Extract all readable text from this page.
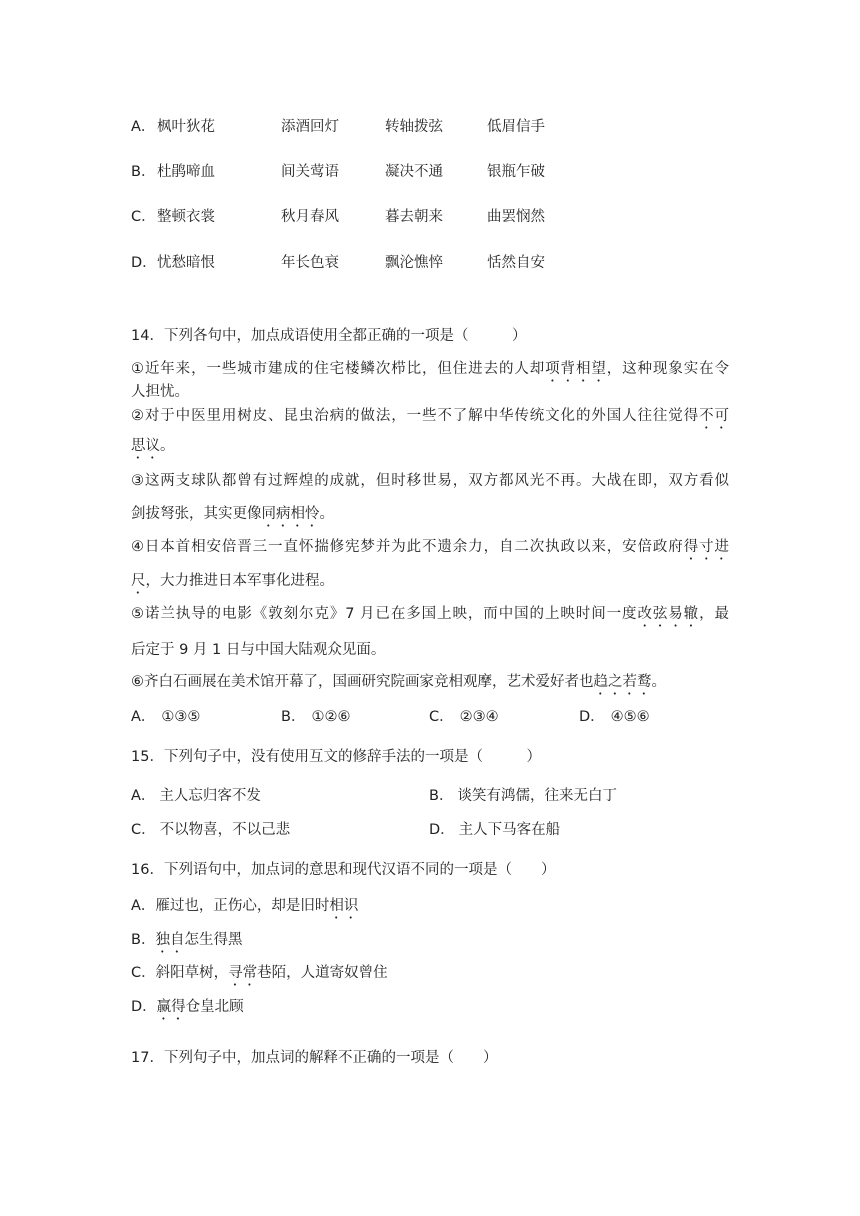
A． 枫叶狄花	添酒回灯	转轴拨弦	低眉信手
B． 杜鹃啼血	间关莺语	凝决不通	银瓶乍破
C． 整顿衣裳	秋月春风	暮去朝来	曲罢悯然
D． 忧愁暗恨	年长色衰	飘沦憔悴	恬然自安
14．下列各句中，加点成语使用全都正确的一项是（　　　）
①近年来，一些城市建成的住宅楼鳞次栉比，但住进去的人却项背相望，这种现象实在令
人担忧。
②对于中医里用树皮、昆虫治病的做法，一些不了解中华传统文化的外国人往往觉得不可
思议。
③这两支球队都曾有过辉煌的成就，但时移世易，双方都风光不再。大战在即，双方看似
剑拔弩张，其实更像同病相怜。
④日本首相安倍晋三一直怀揣修宪梦并为此不遗余力，自二次执政以来，安倍政府得寸进
尺，大力推进日本军事化进程。
⑤诺兰执导的电影《敦刻尔克》7 月已在多国上映，而中国的上映时间一度改弦易辙，最
后定于 9 月 1 日与中国大陆观众见面。
⑥齐白石画展在美术馆开幕了，国画研究院画家竞相观摩，艺术爱好者也趋之若鹜。
A． ①③⑤	B． ①②⑥	C． ②③④	D． ④⑤⑥
15．下列句子中，没有使用互文的修辞手法的一项是（　　　）
A． 主人忘归客不发	B． 谈笑有鸿儒，往来无白丁
C． 不以物喜，不以己悲	D． 主人下马客在船
16．下列语句中，加点词的意思和现代汉语不同的一项是（　　）
A．雁过也，正伤心，却是旧时相识
B．独自怎生得黑
C．斜阳草树，寻常巷陌，人道寄奴曾住
D．赢得仓皇北顾
17．下列句子中，加点词的解释不正确的一项是（　　）
